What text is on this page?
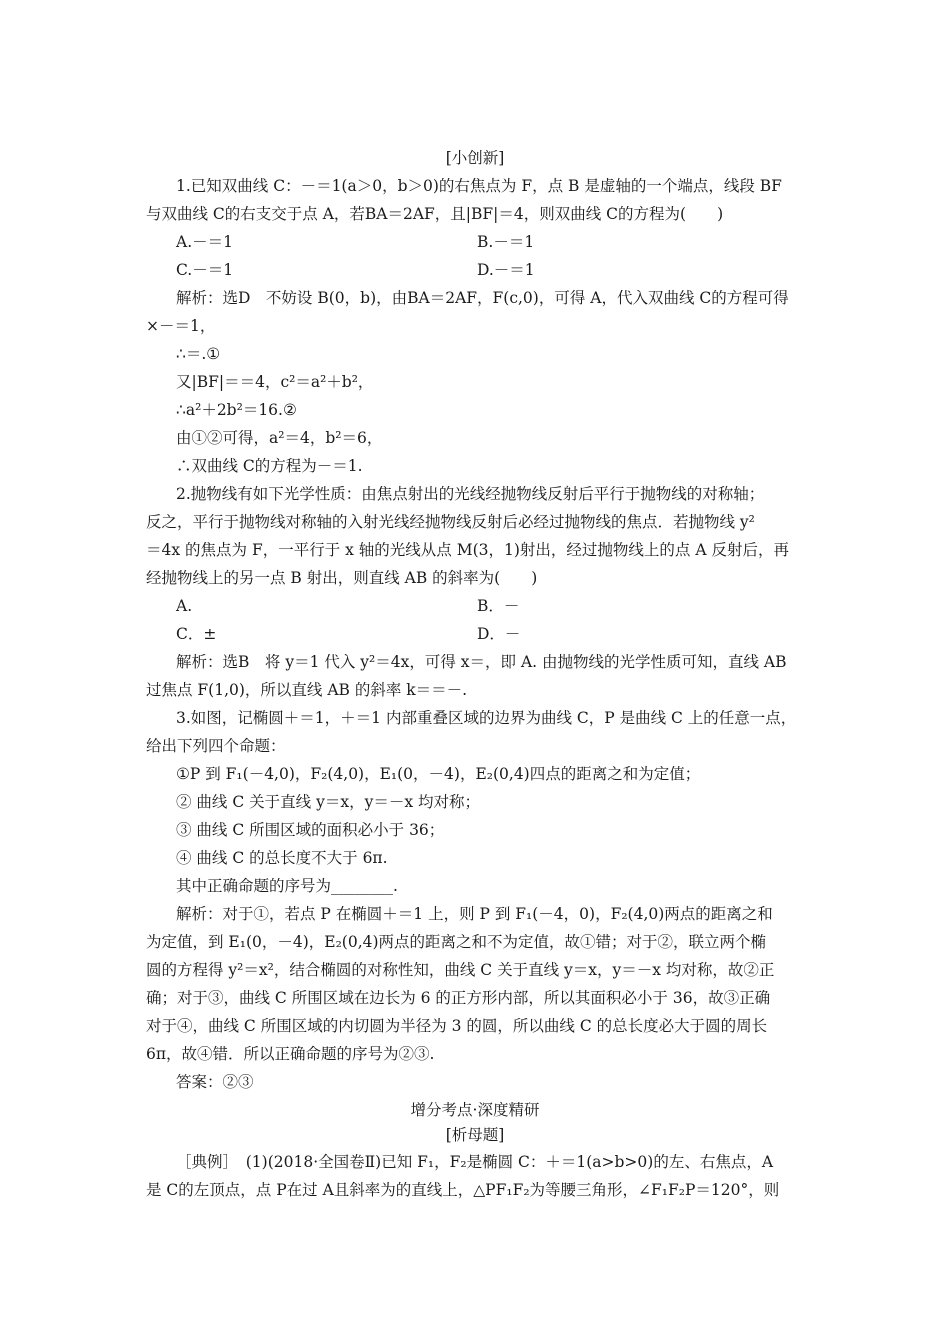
[小创新]
1.已知双曲线 C：－＝1(a＞0，b＞0)的右焦点为 F，点 B 是虚轴的一个端点，线段 BF
与双曲线 C的右支交于点 A，若BA＝2AF，且|BF|＝4，则双曲线 C的方程为(　　)
A.－＝1	B.－＝1
C.－＝1	D.－＝1
解析：选D　不妨设 B(0，b)，由BA＝2AF，F(c,0)，可得 A，代入双曲线 C的方程可得
×－＝1，
∴＝.①
又|BF|＝＝4，c²＝a²＋b²，
∴a²＋2b²＝16.②
由①②可得，a²＝4，b²＝6，
∴双曲线 C的方程为－＝1.
2.抛物线有如下光学性质：由焦点射出的光线经抛物线反射后平行于抛物线的对称轴；
反之，平行于抛物线对称轴的入射光线经抛物线反射后必经过抛物线的焦点．若抛物线 y²
＝4x 的焦点为 F，一平行于 x 轴的光线从点 M(3，1)射出，经过抛物线上的点 A 反射后，再
经抛物线上的另一点 B 射出，则直线 AB 的斜率为(　　)
A.	B．－
C．±	D．－
解析：选B　将 y＝1 代入 y²＝4x，可得 x＝，即 A. 由抛物线的光学性质可知，直线 AB
过焦点 F(1,0)，所以直线 AB 的斜率 k＝＝－.
3.如图，记椭圆＋＝1，＋＝1 内部重叠区域的边界为曲线 C，P 是曲线 C 上的任意一点，
给出下列四个命题：
①P 到 F₁(－4,0)，F₂(4,0)，E₁(0，－4)，E₂(0,4)四点的距离之和为定值；
② 曲线 C 关于直线 y＝x，y＝－x 均对称；
③ 曲线 C 所围区域的面积必小于 36；
④ 曲线 C 的总长度不大于 6π.
其中正确命题的序号为________.
解析：对于①，若点 P 在椭圆＋＝1 上，则 P 到 F₁(－4，0)，F₂(4,0)两点的距离之和
为定值，到 E₁(0，－4)，E₂(0,4)两点的距离之和不为定值，故①错；对于②，联立两个椭
圆的方程得 y²＝x²，结合椭圆的对称性知，曲线 C 关于直线 y＝x，y＝－x 均对称，故②正
确；对于③，曲线 C 所围区域在边长为 6 的正方形内部，所以其面积必小于 36，故③正确
对于④，曲线 C 所围区域的内切圆为半径为 3 的圆，所以曲线 C 的总长度必大于圆的周长
6π，故④错．所以正确命题的序号为②③.
答案：②③
增分考点·深度精研
[析母题]
［典例］　(1)(2018·全国卷Ⅱ)已知 F₁，F₂是椭圆 C：＋＝1(a>b>0)的左、右焦点，A
是 C的左顶点，点 P在过 A且斜率为的直线上，△PF₁F₂为等腰三角形，∠F₁F₂P＝120°，则
